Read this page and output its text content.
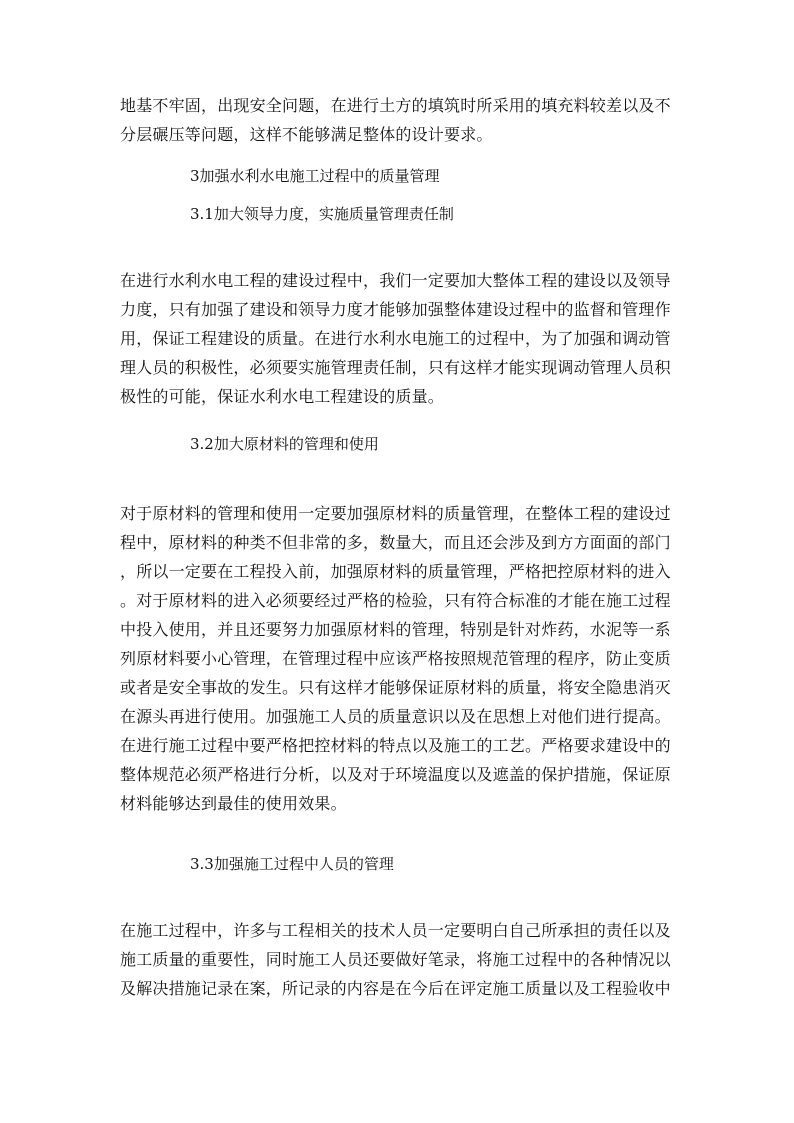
地基不牢固，出现安全问题，在进行土方的填筑时所采用的填充料较差以及不
分层碾压等问题，这样不能够满足整体的设计要求。
3加强水利水电施工过程中的质量管理
3.1加大领导力度，实施质量管理责任制
在进行水利水电工程的建设过程中，我们一定要加大整体工程的建设以及领导
力度，只有加强了建设和领导力度才能够加强整体建设过程中的监督和管理作
用，保证工程建设的质量。在进行水利水电施工的过程中，为了加强和调动管
理人员的积极性，必须要实施管理责任制，只有这样才能实现调动管理人员积
极性的可能，保证水利水电工程建设的质量。
3.2加大原材料的管理和使用
对于原材料的管理和使用一定要加强原材料的质量管理，在整体工程的建设过
程中，原材料的种类不但非常的多，数量大，而且还会涉及到方方面面的部门
，所以一定要在工程投入前，加强原材料的质量管理，严格把控原材料的进入
。对于原材料的进入必须要经过严格的检验，只有符合标准的才能在施工过程
中投入使用，并且还要努力加强原材料的管理，特别是针对炸药，水泥等一系
列原材料要小心管理，在管理过程中应该严格按照规范管理的程序，防止变质
或者是安全事故的发生。只有这样才能够保证原材料的质量，将安全隐患消灭
在源头再进行使用。加强施工人员的质量意识以及在思想上对他们进行提高。
在进行施工过程中要严格把控材料的特点以及施工的工艺。严格要求建设中的
整体规范必须严格进行分析，以及对于环境温度以及遮盖的保护措施，保证原
材料能够达到最佳的使用效果。
3.3加强施工过程中人员的管理
在施工过程中，许多与工程相关的技术人员一定要明白自己所承担的责任以及
施工质量的重要性，同时施工人员还要做好笔录，将施工过程中的各种情况以
及解决措施记录在案，所记录的内容是在今后在评定施工质量以及工程验收中
